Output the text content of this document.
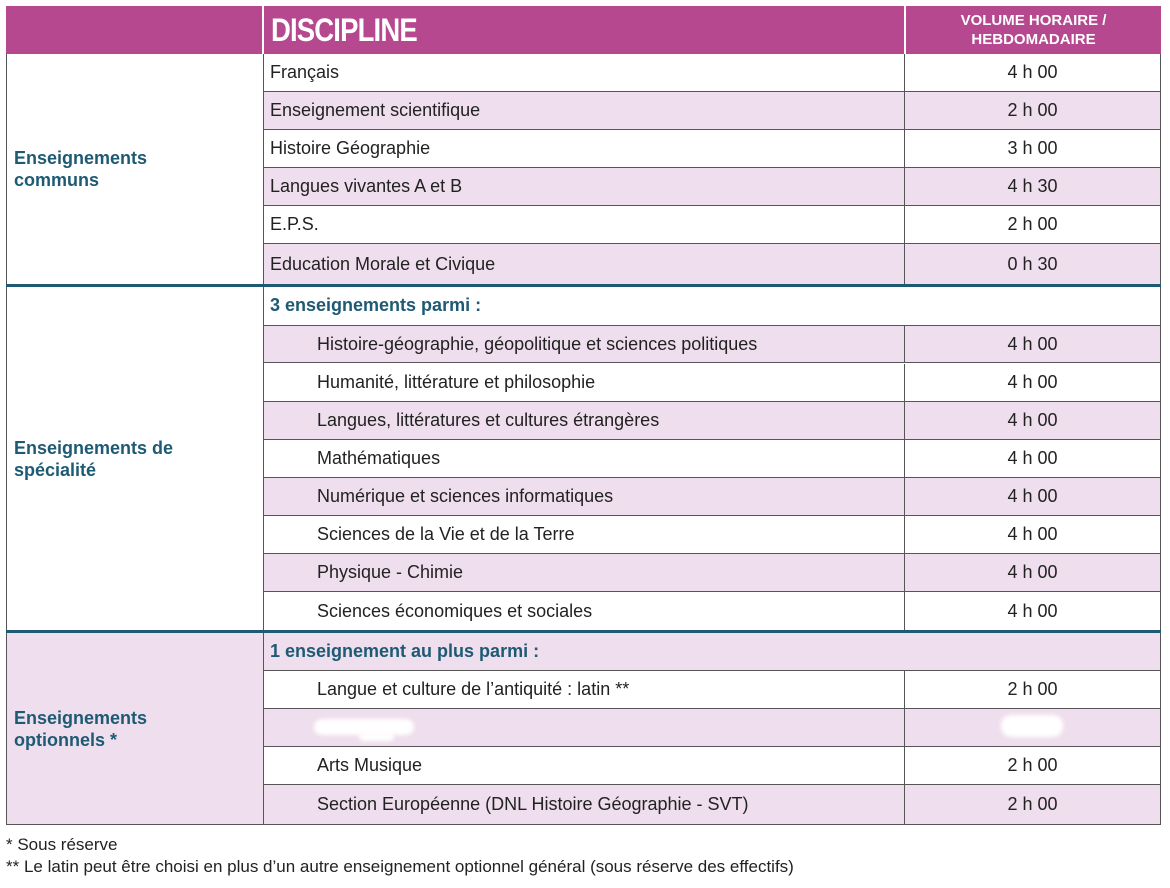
DISCIPLINE	VOLUME HORAIRE /
HEBDOMADAIRE
Enseignements
communs
Français	4 h 00
Enseignement scientifique	2 h 00
Histoire Géographie	3 h 00
Langues vivantes A et B	4 h 30
E.P.S.	2 h 00
Education Morale et Civique	0 h 30
Enseignements de
spécialité
3 enseignements parmi :
Histoire-géographie, géopolitique et sciences politiques	4 h 00
Humanité, littérature et philosophie	4 h 00
Langues, littératures et cultures étrangères	4 h 00
Mathématiques	4 h 00
Numérique et sciences informatiques	4 h 00
Sciences de la Vie et de la Terre	4 h 00
Physique - Chimie	4 h 00
Sciences économiques et sociales	4 h 00
Enseignements
optionnels *
1 enseignement au plus parmi :
Langue et culture de l’antiquité : latin **	2 h 00
Arts Musique	2 h 00
Section Européenne (DNL Histoire Géographie - SVT)	2 h 00
* Sous réserve
** Le latin peut être choisi en plus d’un autre enseignement optionnel général (sous réserve des effectifs)
